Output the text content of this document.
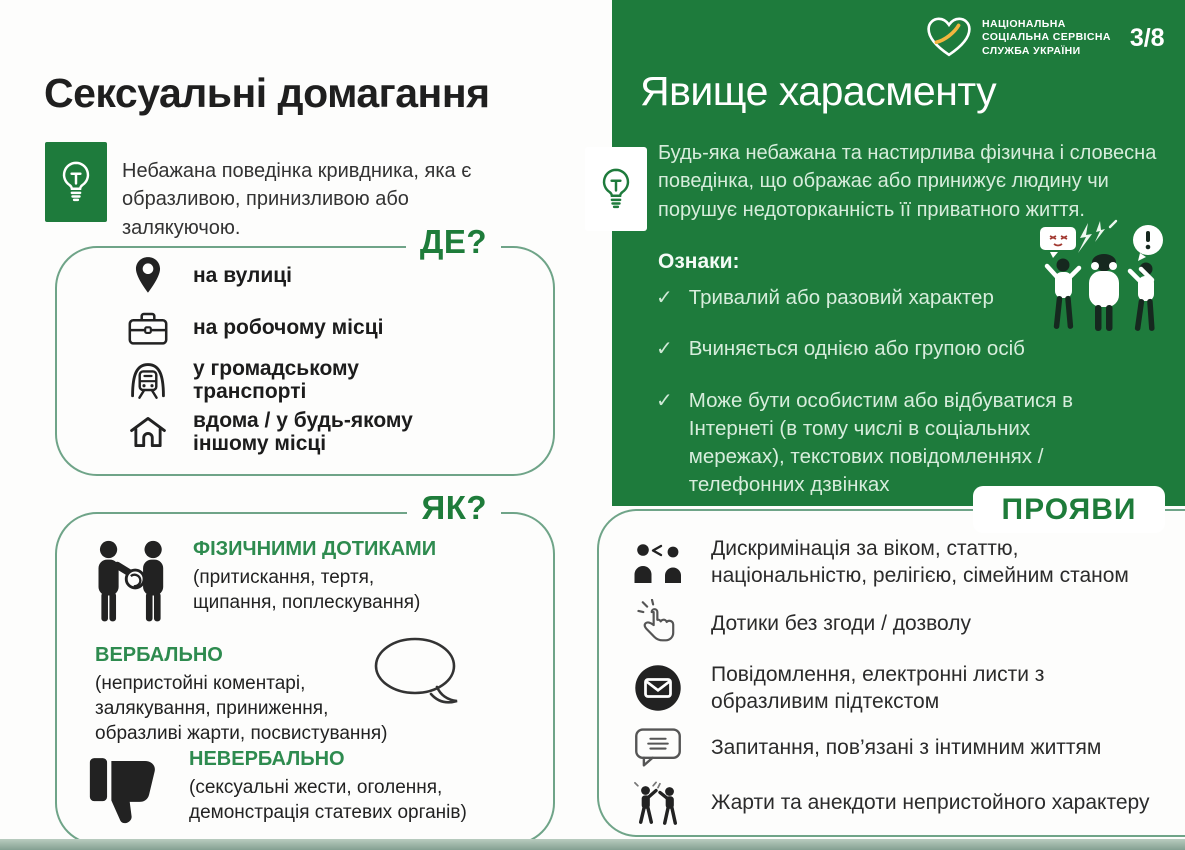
Сексуальні домагання
Небажана поведінка кривдника, яка є образливою, принизливою або залякуючою.	ДЕ?
на вулиці
на робочому місці
у громадському транспорті
вдома / у будь-якому іншому місці
ЯК?
ФІЗИЧНИМИ ДОТИКАМИ
(притискання, тертя, щипання, поплескування)
ВЕРБАЛЬНО
(непристойні коментарі, залякування, приниження, образливі жарти, посвистування)
НЕВЕРБАЛЬНО
(сексуальні жести, оголення, демонстрація статевих органів)
НАЦІОНАЛЬНА
СОЦІАЛЬНА СЕРВІСНА
СЛУЖБА УКРАЇНИ	3/8
Явище харасменту
Будь-яка небажана та настирлива фізична і словесна поведінка, що ображає або принижує людину чи порушує недоторканність її приватного життя.
Ознаки:
✓ Тривалий або разовий характер
✓ Вчиняється однією або групою осіб
✓ Може бути особистим або відбуватися в Інтернеті (в тому числі в соціальних мережах), текстових повідомленнях / телефонних дзвінках
ПРОЯВИ
Дискримінація за віком, статтю, національністю, релігією, сімейним станом
Дотики без згоди / дозволу
Повідомлення, електронні листи з образливим підтекстом
Запитання, пов’язані з інтимним життям
Жарти та анекдоти непристойного характеру
